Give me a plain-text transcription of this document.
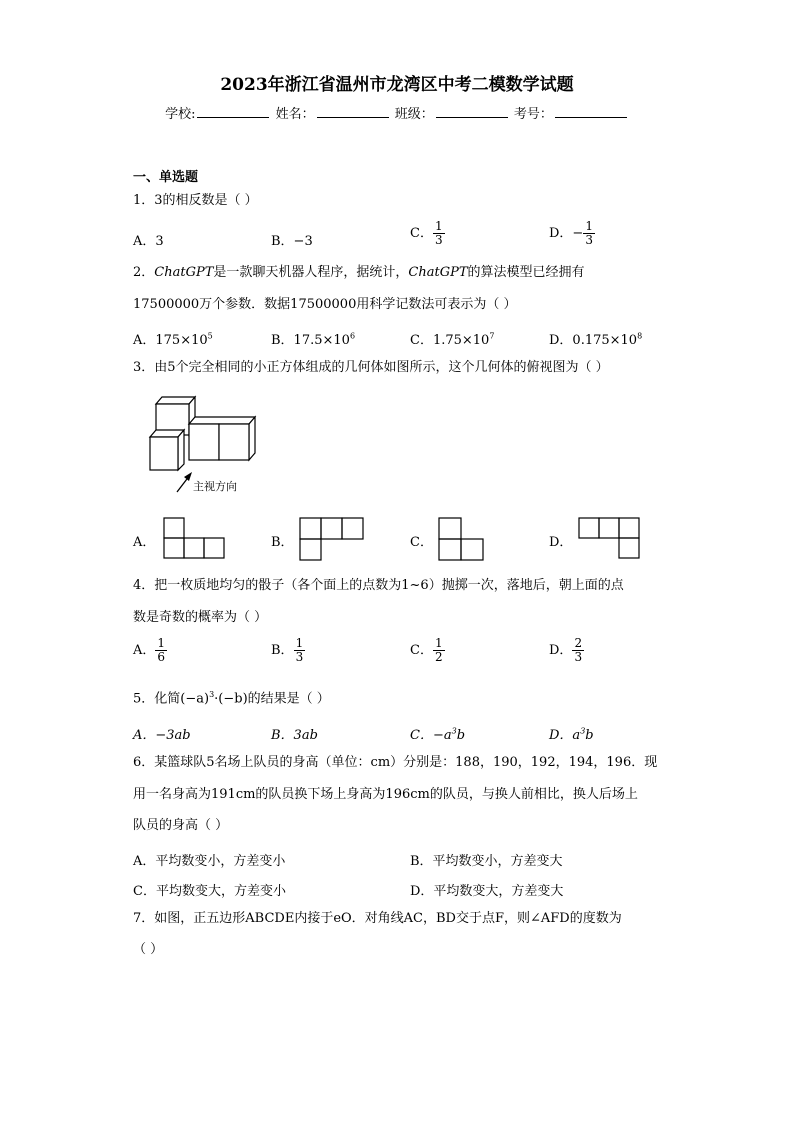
2023年浙江省温州市龙湾区中考二模数学试题
学校:	姓名：	班级：	考号：
一、单选题
1．3的相反数是（ ）
A．3	B．−3
C． $\frac{1}{3}$	D．− $\frac{1}{3}$
2．ChatGPT是一款聊天机器人程序，据统计，ChatGPT的算法模型已经拥有
17500000万个参数．数据17500000用科学记数法可表示为（ ）
A．$175\times 10^5$	B．$17.5\times 10^6$	C．$1.75\times 10^7$	D．$0.175\times 10^8$
3．由5个完全相同的小正方体组成的几何体如图所示，这个几何体的俯视图为（ ）
主视方向
A．	B．	C．	D．
4．把一枚质地均匀的骰子（各个面上的点数为1~6）抛掷一次，落地后，朝上面的点
数是奇数的概率为（ ）
A． $\frac{1}{6}$	B． $\frac{1}{3}$	C． $\frac{1}{2}$	D． $\frac{2}{3}$
5．化简$(-a)^3\cdot(-b)$的结果是（ ）
A．−3ab	B．3ab	C．$-a^3b$	D．$a^3b$
6．某篮球队5名场上队员的身高（单位：cm）分别是：188，190，192，194，196．现
用一名身高为191cm的队员换下场上身高为196cm的队员，与换人前相比，换人后场上
队员的身高（ ）
A．平均数变小，方差变小	B．平均数变小，方差变大
C．平均数变大，方差变小	D．平均数变大，方差变大
7．如图，正五边形ABCDE内接于eO．对角线AC，BD交于点F，则∠AFD的度数为
（ ）
